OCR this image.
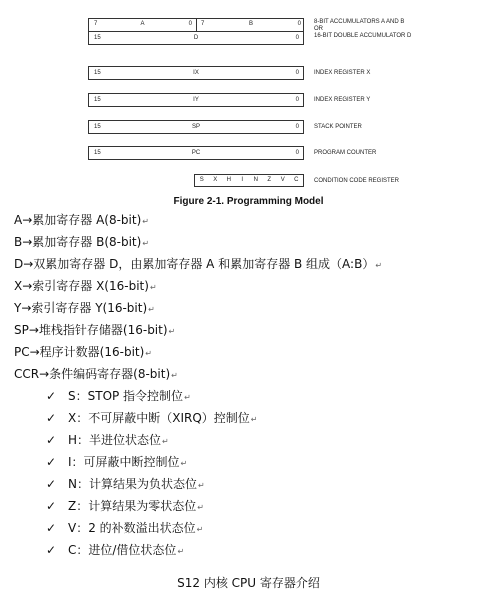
7	A	0 7	B	0
15	D	0
8-BIT ACCUMULATORS A AND B
OR
16-BIT DOUBLE ACCUMULATOR D
15	IX	0	INDEX REGISTER X
15	IY	0	INDEX REGISTER Y
15	SP	0	STACK POINTER
15	PC	0	PROGRAM COUNTER
S	X	H	I	N	Z	V	C	CONDITION CODE REGISTER
Figure 2-1. Programming Model
A→累加寄存器 A(8-bit)↵
B→累加寄存器 B(8-bit)↵
D→双累加寄存器 D，由累加寄存器 A 和累加寄存器 B 组成（A:B）↵
X→索引寄存器 X(16-bit)↵
Y→索引寄存器 Y(16-bit)↵
SP→堆栈指针存储器(16-bit)↵
PC→程序计数器(16-bit)↵
CCR→条件编码寄存器(8-bit)↵
✓ S：STOP 指令控制位↵
✓ X：不可屏蔽中断（XIRQ）控制位↵
✓ H：半进位状态位↵
✓ I：可屏蔽中断控制位↵
✓ N：计算结果为负状态位↵
✓ Z：计算结果为零状态位↵
✓ V：2 的补数溢出状态位↵
✓ C：进位/借位状态位↵
S12 内核 CPU 寄存器介绍
